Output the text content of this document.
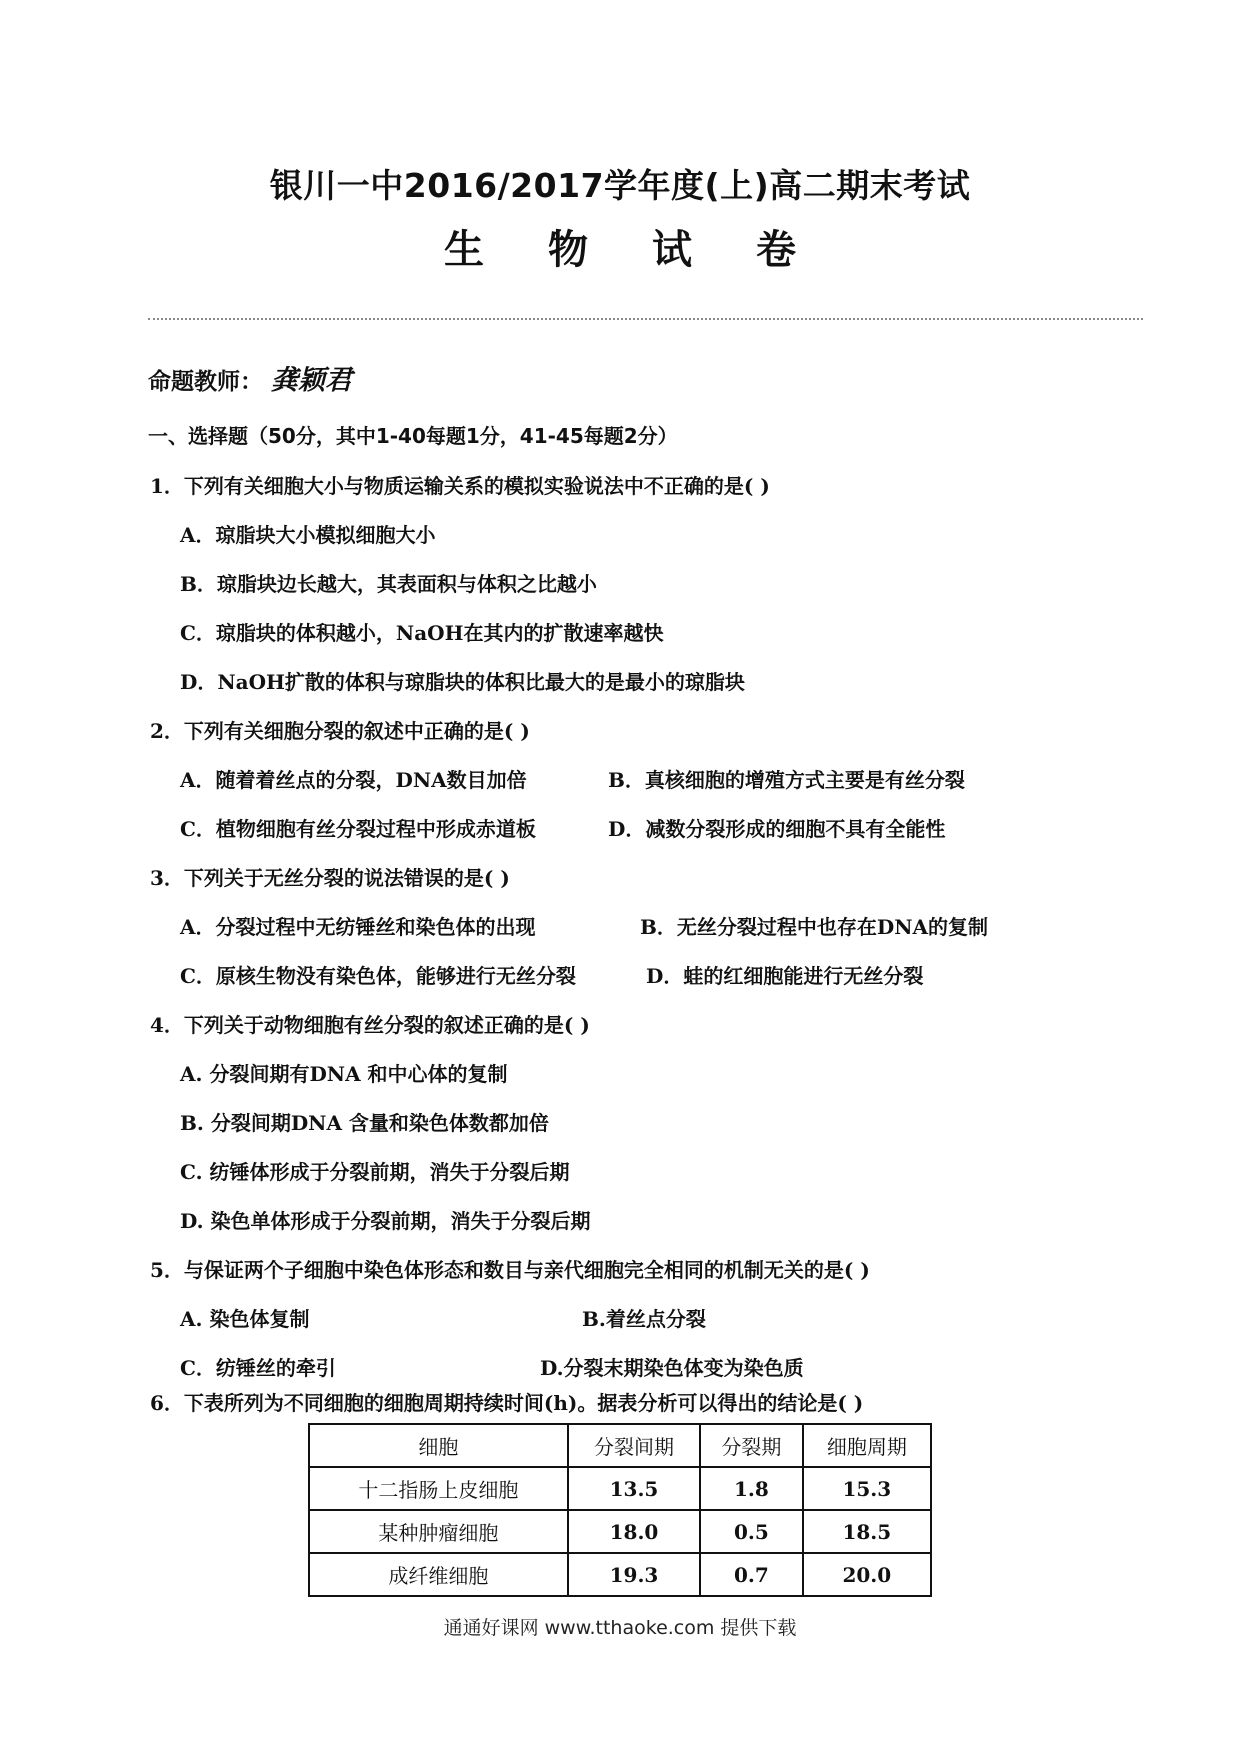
银川一中2016/2017学年度(上)高二期末考试
生物试卷
命题教师： 龚颖君
一、选择题（50分，其中1-40每题1分，41-45每题2分）
1．下列有关细胞大小与物质运输关系的模拟实验说法中不正确的是( )
A．琼脂块大小模拟细胞大小
B．琼脂块边长越大，其表面积与体积之比越小
C．琼脂块的体积越小，NaOH在其内的扩散速率越快
D．NaOH扩散的体积与琼脂块的体积比最大的是最小的琼脂块
2．下列有关细胞分裂的叙述中正确的是( )
A．随着着丝点的分裂，DNA数目加倍	B．真核细胞的增殖方式主要是有丝分裂
C．植物细胞有丝分裂过程中形成赤道板	D．减数分裂形成的细胞不具有全能性
3．下列关于无丝分裂的说法错误的是( )
A．分裂过程中无纺锤丝和染色体的出现	B．无丝分裂过程中也存在DNA的复制
C．原核生物没有染色体，能够进行无丝分裂	D．蛙的红细胞能进行无丝分裂
4．下列关于动物细胞有丝分裂的叙述正确的是( )
A. 分裂间期有DNA 和中心体的复制
B. 分裂间期DNA 含量和染色体数都加倍
C. 纺锤体形成于分裂前期，消失于分裂后期
D. 染色单体形成于分裂前期，消失于分裂后期
5．与保证两个子细胞中染色体形态和数目与亲代细胞完全相同的机制无关的是( )
A. 染色体复制	B.着丝点分裂
C．纺锤丝的牵引	D.分裂末期染色体变为染色质
6．下表所列为不同细胞的细胞周期持续时间(h)。据表分析可以得出的结论是( )
细胞	分裂间期	分裂期	细胞周期
十二指肠上皮细胞	13.5	1.8	15.3
某种肿瘤细胞	18.0	0.5	18.5
成纤维细胞	19.3	0.7	20.0
通通好课网 www.tthaoke.com 提供下载
